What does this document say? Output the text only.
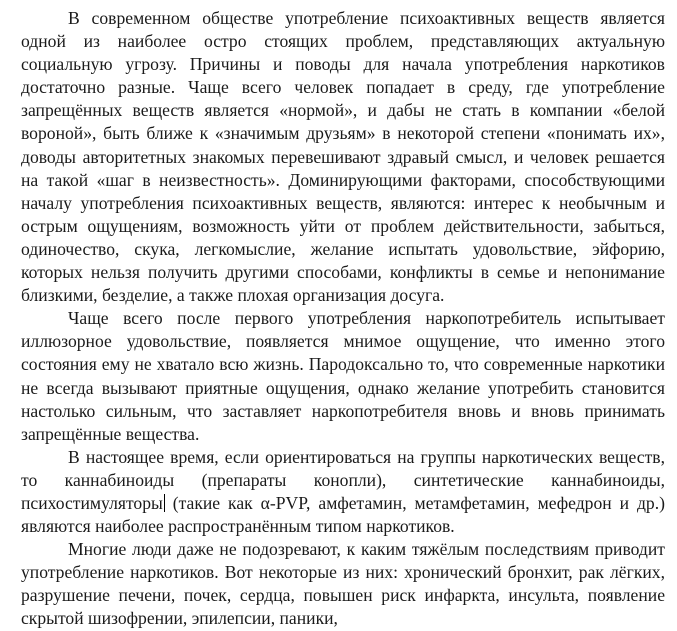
В современном обществе употребление психоактивных веществ является одной из наиболее остро стоящих проблем, представляющих актуальную социальную угрозу. Причины и поводы для начала употребления наркотиков достаточно разные. Чаще всего человек попадает в среду, где употребление запрещённых веществ является «нормой», и дабы не стать в компании «белой вороной», быть ближе к «значимым друзьям» в некоторой степени «понимать их», доводы авторитетных знакомых перевешивают здравый смысл, и человек решается на такой «шаг в неизвестность». Доминирующими факторами, способствующими началу употребления психоактивных веществ, являются: интерес к необычным и острым ощущениям, возможность уйти от проблем действительности, забыться, одиночество, скука, легкомыслие, желание испытать удовольствие, эйфорию, которых нельзя получить другими способами, конфликты в семье и непонимание близкими, безделие, а также плохая организация досуга.

Чаще всего после первого употребления наркопотребитель испытывает иллюзорное удовольствие, появляется мнимое ощущение, что именно этого состояния ему не хватало всю жизнь. Пародоксально то, что современные наркотики не всегда вызывают приятные ощущения, однако желание употребить становится настолько сильным, что заставляет наркопотребителя вновь и вновь принимать запрещённые вещества.

В настоящее время, если ориентироваться на группы наркотических веществ, то каннабиноиды (препараты конопли), синтетические каннабиноиды, психостимуляторы (такие как α-PVP, амфетамин, метамфетамин, мефедрон и др.) являются наиболее распространённым типом наркотиков.

Многие люди даже не подозревают, к каким тяжёлым последствиям приводит употребление наркотиков. Вот некоторые из них: хронический бронхит, рак лёгких, разрушение печени, почек, сердца, повышен риск инфаркта, инсульта, появление скрытой шизофрении, эпилепсии, паники,
